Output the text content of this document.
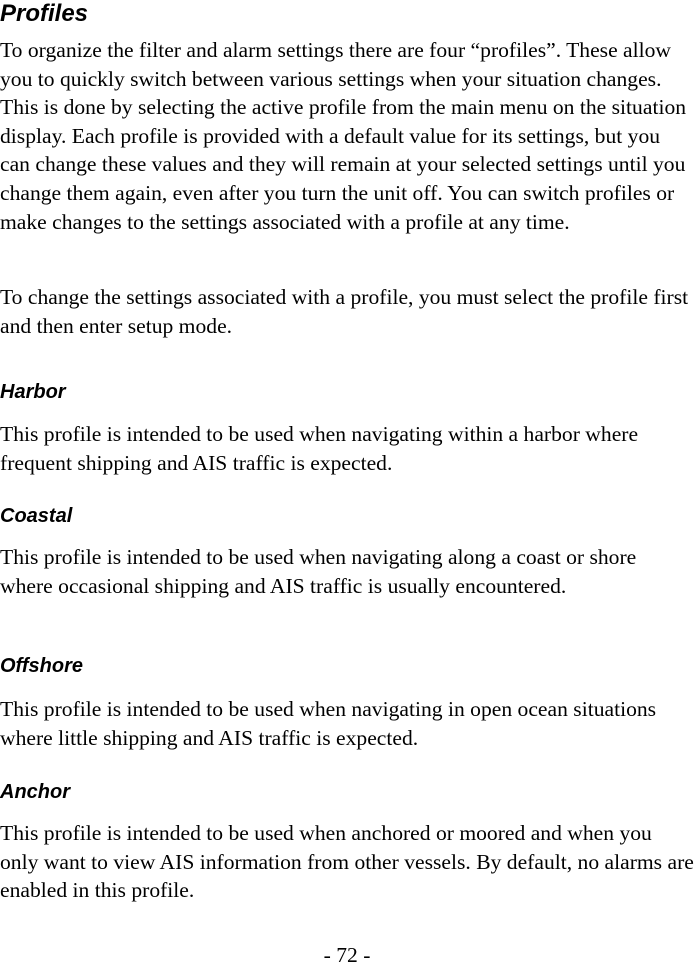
Profiles

To organize the filter and alarm settings there are four “profiles”. These allow you to quickly switch between various settings when your situation changes. This is done by selecting the active profile from the main menu on the situation display. Each profile is provided with a default value for its settings, but you can change these values and they will remain at your selected settings until you change them again, even after you turn the unit off. You can switch profiles or make changes to the settings associated with a profile at any time.

To change the settings associated with a profile, you must select the profile first and then enter setup mode.

Harbor

This profile is intended to be used when navigating within a harbor where frequent shipping and AIS traffic is expected.

Coastal

This profile is intended to be used when navigating along a coast or shore where occasional shipping and AIS traffic is usually encountered.

Offshore

This profile is intended to be used when navigating in open ocean situations where little shipping and AIS traffic is expected.

Anchor

This profile is intended to be used when anchored or moored and when you only want to view AIS information from other vessels. By default, no alarms are enabled in this profile.

- 72 -
